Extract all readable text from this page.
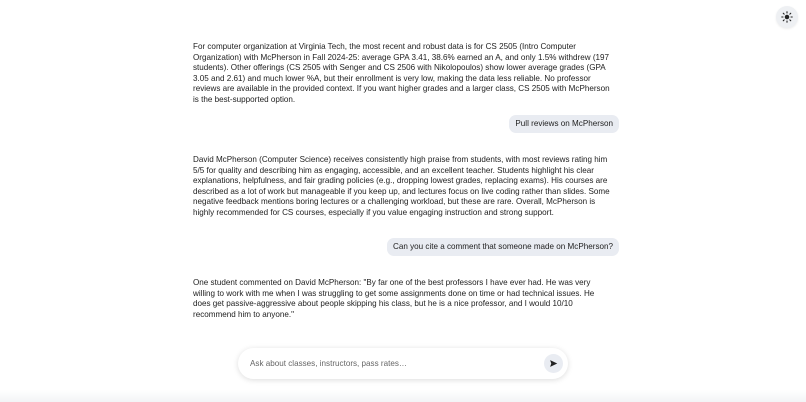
For computer organization at Virginia Tech, the most recent and robust data is for CS 2505 (Intro Computer Organization) with McPherson in Fall 2024-25: average GPA 3.41, 38.6% earned an A, and only 1.5% withdrew (197 students). Other offerings (CS 2505 with Senger and CS 2506 with Nikolopoulos) show lower average grades (GPA 3.05 and 2.61) and much lower %A, but their enrollment is very low, making the data less reliable. No professor reviews are available in the provided context. If you want higher grades and a larger class, CS 2505 with McPherson is the best-supported option.

Pull reviews on McPherson

David McPherson (Computer Science) receives consistently high praise from students, with most reviews rating him 5/5 for quality and describing him as engaging, accessible, and an excellent teacher. Students highlight his clear explanations, helpfulness, and fair grading policies (e.g., dropping lowest grades, replacing exams). His courses are described as a lot of work but manageable if you keep up, and lectures focus on live coding rather than slides. Some negative feedback mentions boring lectures or a challenging workload, but these are rare. Overall, McPherson is highly recommended for CS courses, especially if you value engaging instruction and strong support.

Can you cite a comment that someone made on McPherson?

One student commented on David McPherson: "By far one of the best professors I have ever had. He was very willing to work with me when I was struggling to get some assignments done on time or had technical issues. He does get passive-aggressive about people skipping his class, but he is a nice professor, and I would 10/10 recommend him to anyone."

Ask about classes, instructors, pass rates…
